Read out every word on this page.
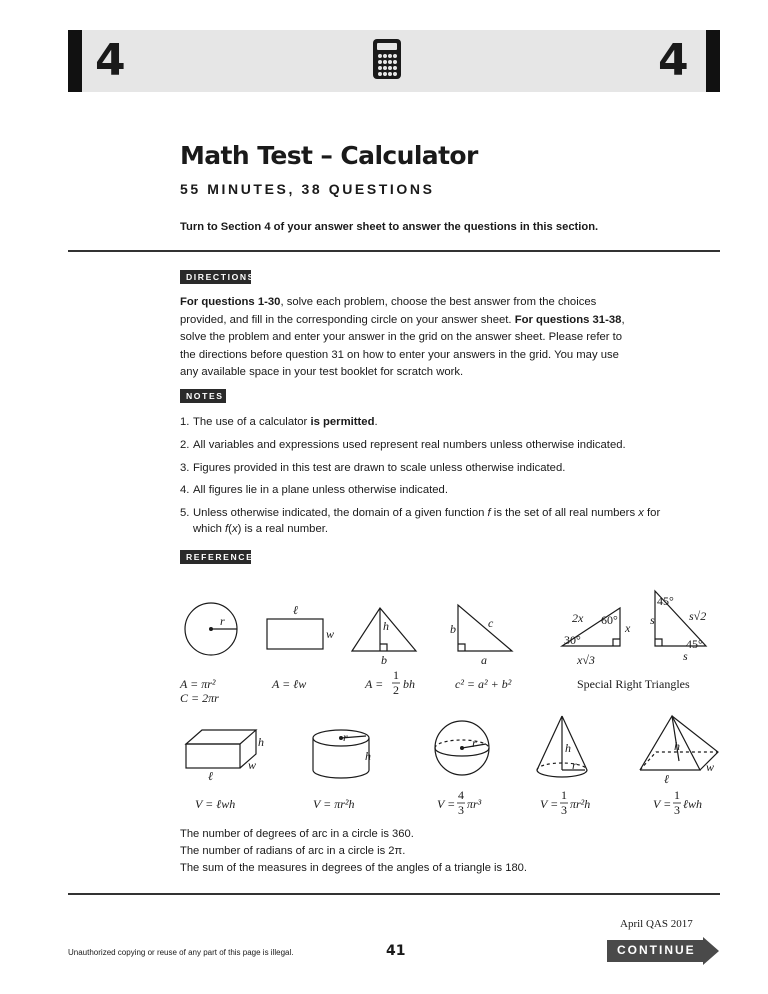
4	4
Math Test – Calculator
55 MINUTES, 38 QUESTIONS
Turn to Section 4 of your answer sheet to answer the questions in this section.
DIRECTIONS
For questions 1-30, solve each problem, choose the best answer from the choices provided, and fill in the corresponding circle on your answer sheet. For questions 31-38, solve the problem and enter your answer in the grid on the answer sheet. Please refer to the directions before question 31 on how to enter your answers in the grid. You may use any available space in your test booklet for scratch work.
NOTES
1. The use of a calculator is permitted.
2. All variables and expressions used represent real numbers unless otherwise indicated.
3. Figures provided in this test are drawn to scale unless otherwise indicated.
4. All figures lie in a plane unless otherwise indicated.
5. Unless otherwise indicated, the domain of a given function f is the set of all real numbers x for which f(x) is a real number.
REFERENCE
r
ℓ
w
h
b
b	c
a
2x 60°
x
30°
x√3
s
45°
s√2
45°
s
h
w
ℓ
r
h
r	h
r
h
w
ℓ
A = πr²
C = 2πr
A = ℓw	A =
1
2 bh	c² = a² + b²	Special Right Triangles
V = ℓwh	V = πr²h	V =
4
3 πr³	V =
1
3 πr²h	V =
1
3 ℓwh
The number of degrees of arc in a circle is 360.
The number of radians of arc in a circle is 2π.
The sum of the measures in degrees of the angles of a triangle is 180.
April QAS 2017
Unauthorized copying or reuse of any part of this page is illegal.	41	CONTINUE
